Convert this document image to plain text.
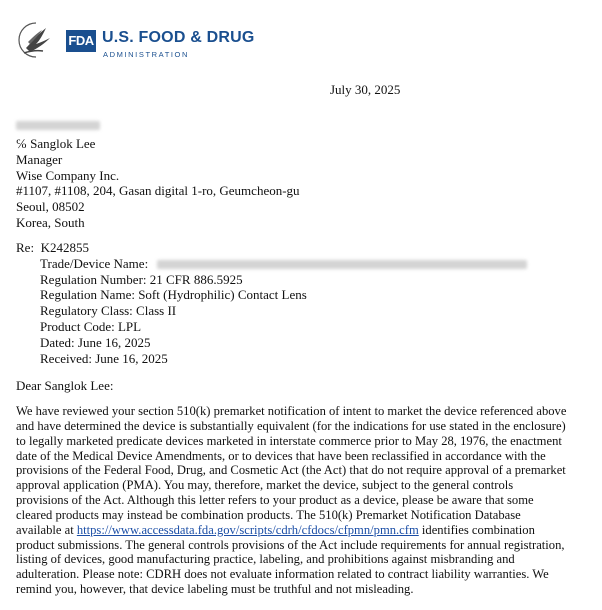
FDA U.S. FOOD & DRUG
ADMINISTRATION
July 30, 2025
℅ Sanglok Lee
Manager
Wise Company Inc.
#1107, #1108, 204, Gasan digital 1-ro, Geumcheon-gu
Seoul, 08502
Korea, South
Re: K242855
Trade/Device Name:
Regulation Number: 21 CFR 886.5925
Regulation Name: Soft (Hydrophilic) Contact Lens
Regulatory Class: Class II
Product Code: LPL
Dated: June 16, 2025
Received: June 16, 2025
Dear Sanglok Lee:
We have reviewed your section 510(k) premarket notification of intent to market the device referenced above
and have determined the device is substantially equivalent (for the indications for use stated in the enclosure)
to legally marketed predicate devices marketed in interstate commerce prior to May 28, 1976, the enactment
date of the Medical Device Amendments, or to devices that have been reclassified in accordance with the
provisions of the Federal Food, Drug, and Cosmetic Act (the Act) that do not require approval of a premarket
approval application (PMA). You may, therefore, market the device, subject to the general controls
provisions of the Act. Although this letter refers to your product as a device, please be aware that some
cleared products may instead be combination products. The 510(k) Premarket Notification Database
available at https://www.accessdata.fda.gov/scripts/cdrh/cfdocs/cfpmn/pmn.cfm identifies combination
product submissions. The general controls provisions of the Act include requirements for annual registration,
listing of devices, good manufacturing practice, labeling, and prohibitions against misbranding and
adulteration. Please note: CDRH does not evaluate information related to contract liability warranties. We
remind you, however, that device labeling must be truthful and not misleading.
